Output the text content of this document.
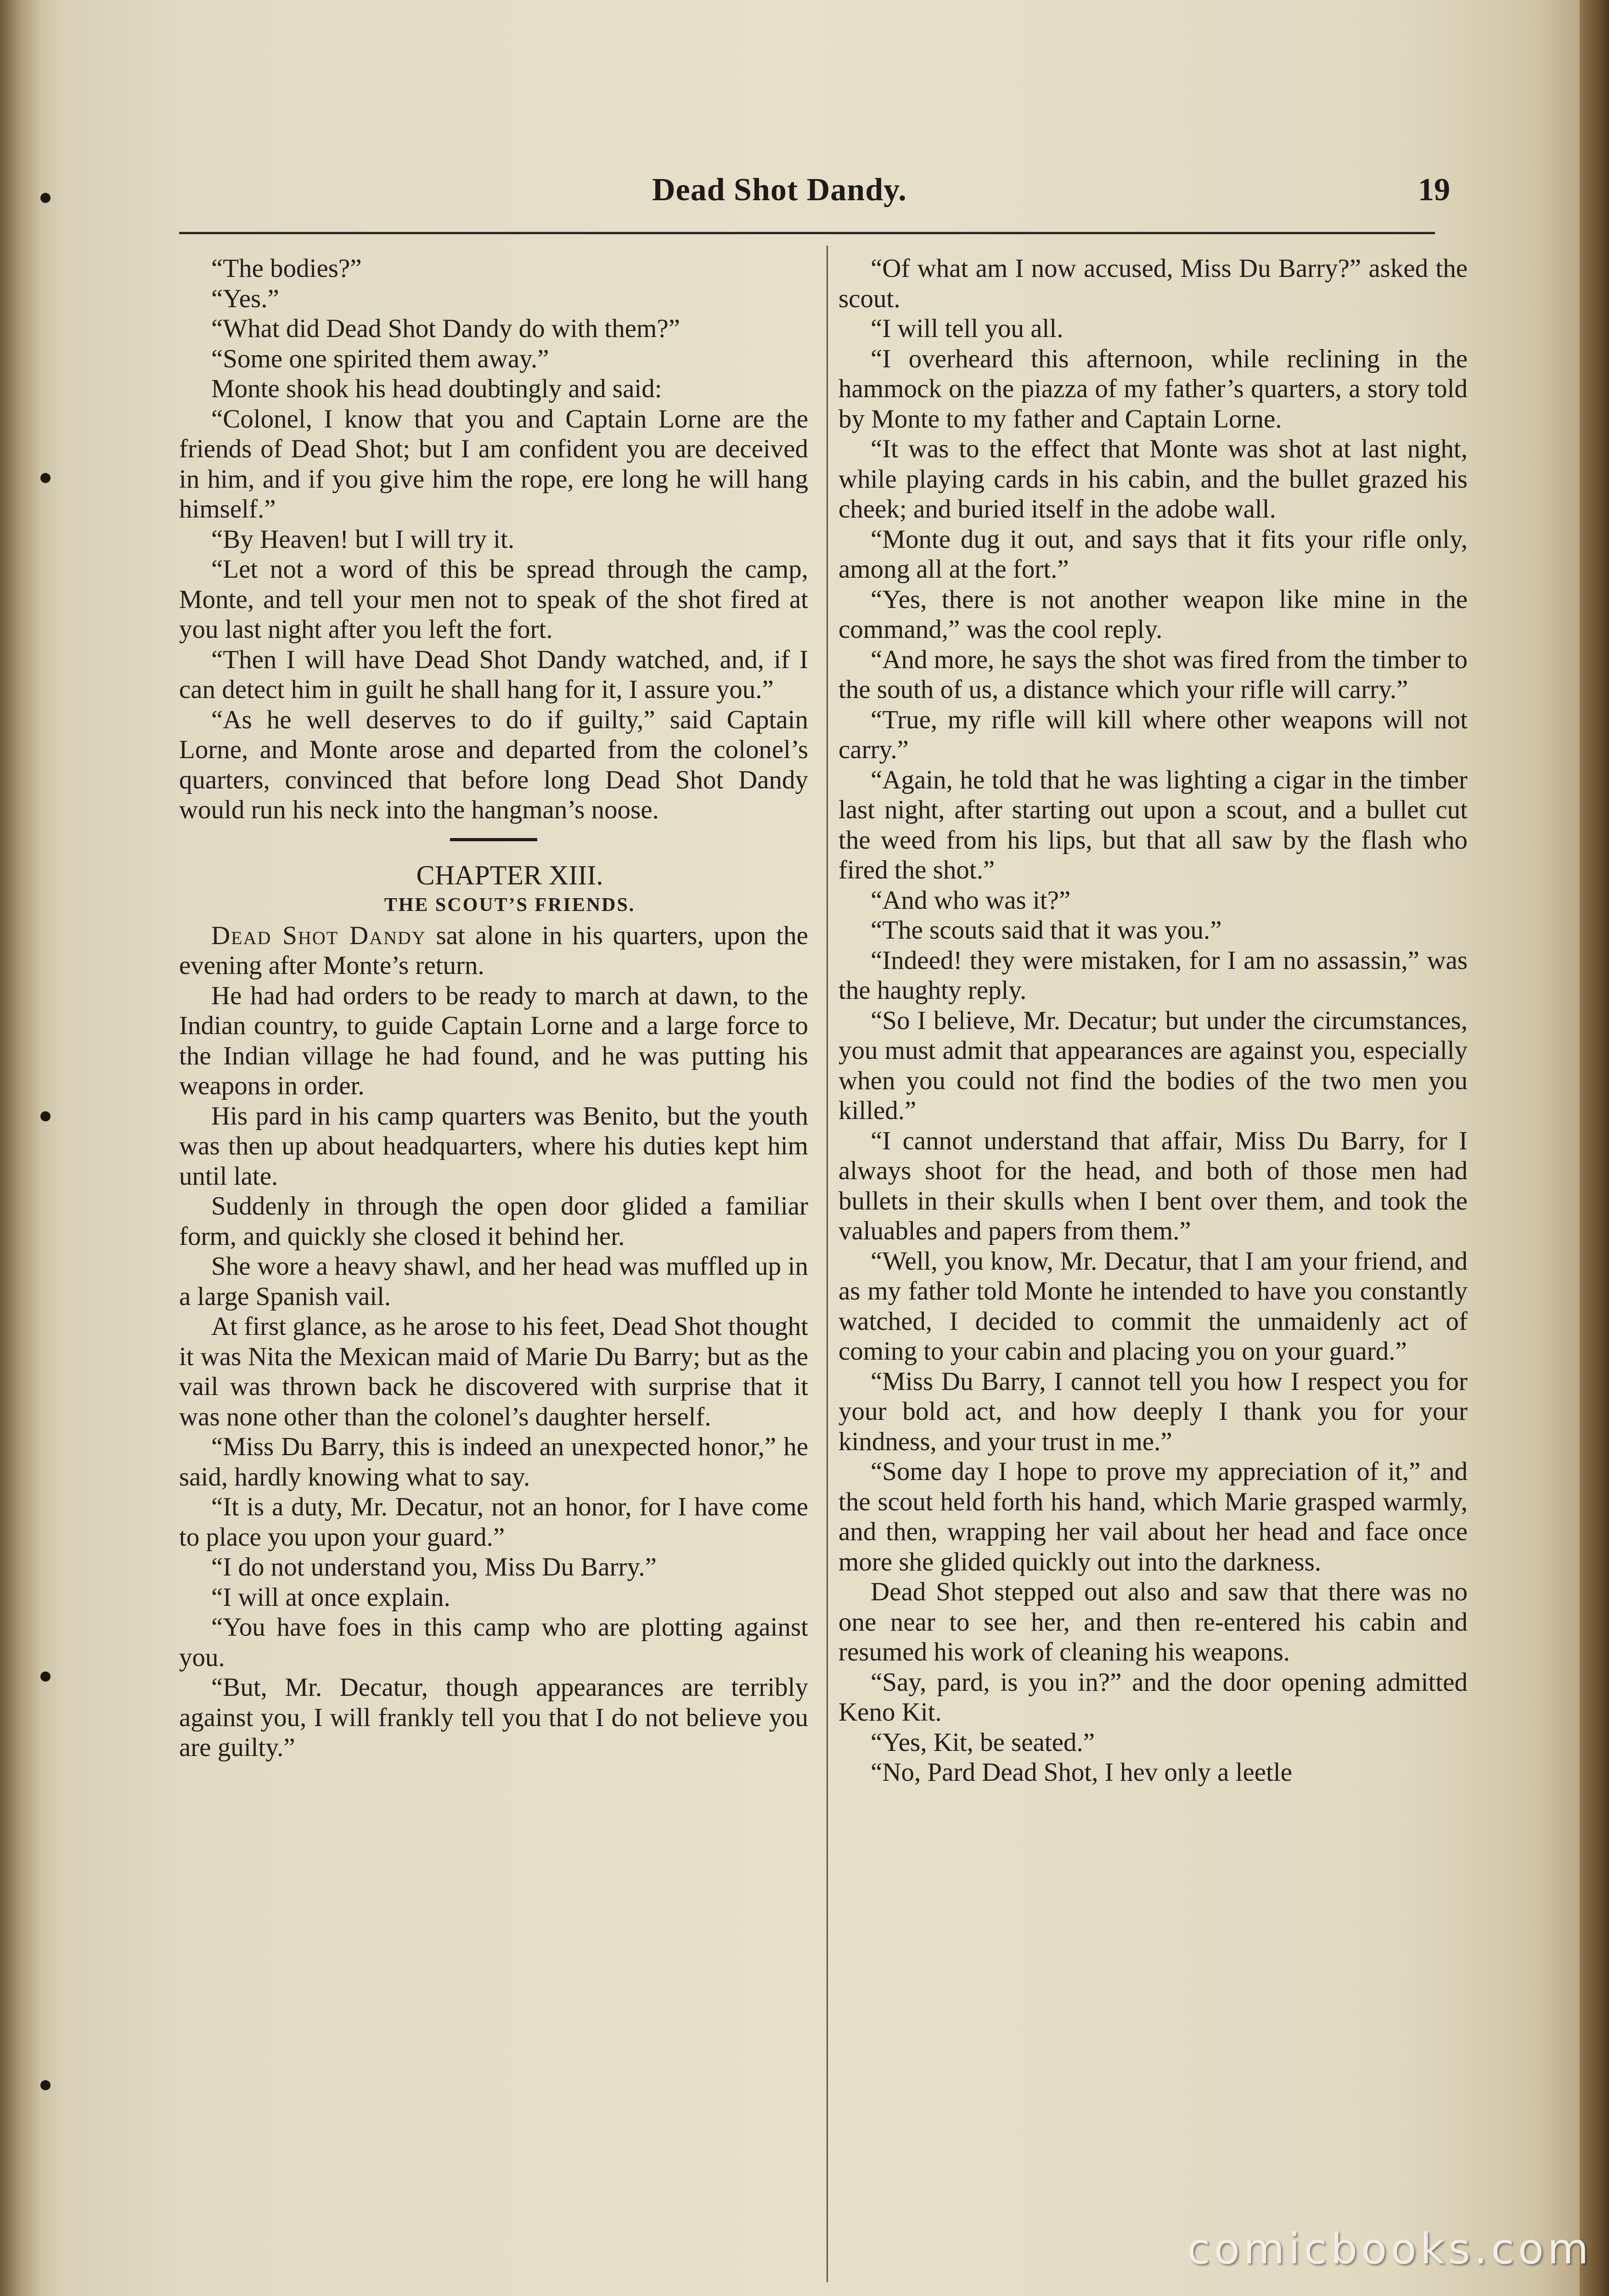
Dead Shot Dandy.	19

“The bodies?”

“Yes.”

“What did Dead Shot Dandy do with them?”

“Some one spirited them away.”

Monte shook his head doubtingly and said:

“Colonel, I know that you and Captain Lorne are the friends of Dead Shot; but I am confident you are deceived in him, and if you give him the rope, ere long he will hang himself.”

“By Heaven! but I will try it.

“Let not a word of this be spread through the camp, Monte, and tell your men not to speak of the shot fired at you last night after you left the fort.

“Then I will have Dead Shot Dandy watched, and, if I can detect him in guilt he shall hang for it, I assure you.”

“As he well deserves to do if guilty,” said Captain Lorne, and Monte arose and departed from the colonel’s quarters, convinced that before long Dead Shot Dandy would run his neck into the hangman’s noose.

CHAPTER XIII.

THE SCOUT’S FRIENDS.

Dead Shot Dandy sat alone in his quarters, upon the evening after Monte’s return.

He had had orders to be ready to march at dawn, to the Indian country, to guide Captain Lorne and a large force to the Indian village he had found, and he was putting his weapons in order.

His pard in his camp quarters was Benito, but the youth was then up about headquarters, where his duties kept him until late.

Suddenly in through the open door glided a familiar form, and quickly she closed it behind her.

She wore a heavy shawl, and her head was muffled up in a large Spanish vail.

At first glance, as he arose to his feet, Dead Shot thought it was Nita the Mexican maid of Marie Du Barry; but as the vail was thrown back he discovered with surprise that it was none other than the colonel’s daughter herself.

“Miss Du Barry, this is indeed an unexpected honor,” he said, hardly knowing what to say.

“It is a duty, Mr. Decatur, not an honor, for I have come to place you upon your guard.”

“I do not understand you, Miss Du Barry.”

“I will at once explain.

“You have foes in this camp who are plotting against you.

“But, Mr. Decatur, though appearances are terribly against you, I will frankly tell you that I do not believe you are guilty.”

“Of what am I now accused, Miss Du Barry?” asked the scout.

“I will tell you all.

“I overheard this afternoon, while reclining in the hammock on the piazza of my father’s quarters, a story told by Monte to my father and Captain Lorne.

“It was to the effect that Monte was shot at last night, while playing cards in his cabin, and the bullet grazed his cheek; and buried itself in the adobe wall.

“Monte dug it out, and says that it fits your rifle only, among all at the fort.”

“Yes, there is not another weapon like mine in the command,” was the cool reply.

“And more, he says the shot was fired from the timber to the south of us, a distance which your rifle will carry.”

“True, my rifle will kill where other weapons will not carry.”

“Again, he told that he was lighting a cigar in the timber last night, after starting out upon a scout, and a bullet cut the weed from his lips, but that all saw by the flash who fired the shot.”

“And who was it?”

“The scouts said that it was you.”

“Indeed! they were mistaken, for I am no assassin,” was the haughty reply.

“So I believe, Mr. Decatur; but under the circumstances, you must admit that appearances are against you, especially when you could not find the bodies of the two men you killed.”

“I cannot understand that affair, Miss Du Barry, for I always shoot for the head, and both of those men had bullets in their skulls when I bent over them, and took the valuables and papers from them.”

“Well, you know, Mr. Decatur, that I am your friend, and as my father told Monte he intended to have you constantly watched, I decided to commit the unmaidenly act of coming to your cabin and placing you on your guard.”

“Miss Du Barry, I cannot tell you how I respect you for your bold act, and how deeply I thank you for your kindness, and your trust in me.”

“Some day I hope to prove my appreciation of it,” and the scout held forth his hand, which Marie grasped warmly, and then, wrapping her vail about her head and face once more she glided quickly out into the darkness.

Dead Shot stepped out also and saw that there was no one near to see her, and then re-entered his cabin and resumed his work of cleaning his weapons.

“Say, pard, is you in?” and the door opening admitted Keno Kit.

“Yes, Kit, be seated.”

“No, Pard Dead Shot, I hev only a leetle

comicbooks.com
